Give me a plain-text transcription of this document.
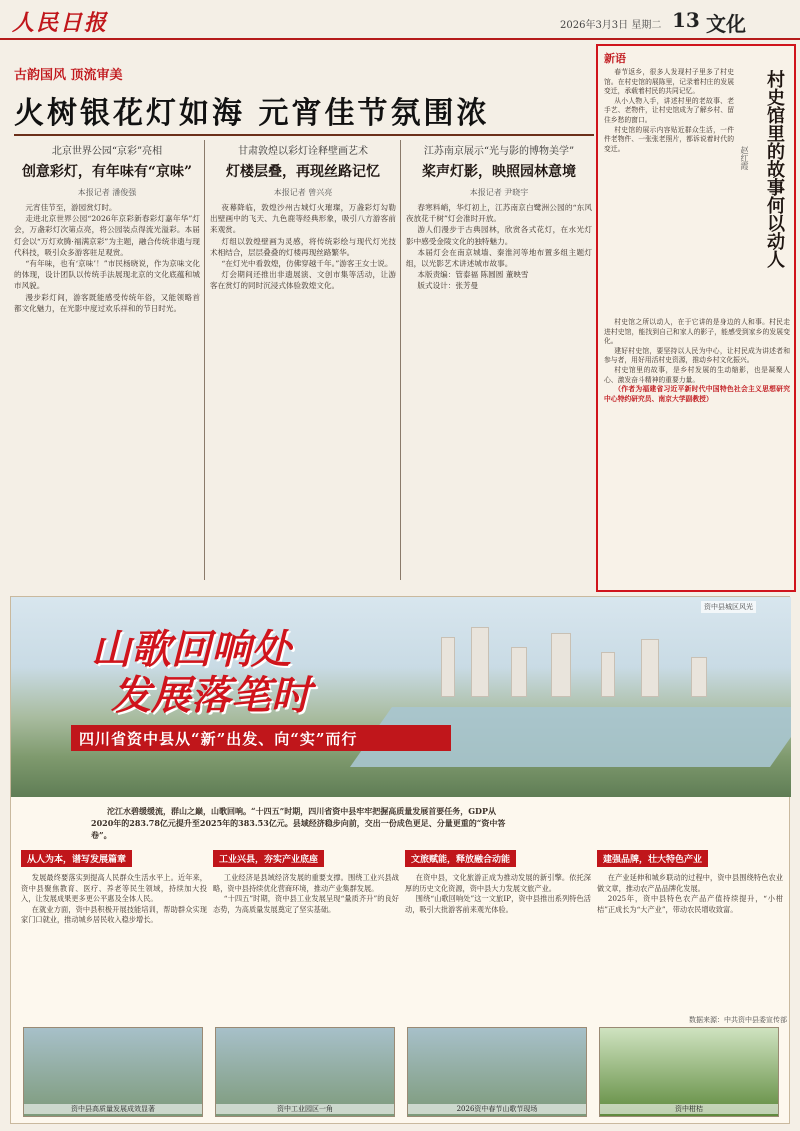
人民日报	2026年3月3日 星期二 13 文化
古韵国风 顶流审美
火树银花灯如海 元宵佳节氛围浓
北京世界公园“京彩”亮相
创意彩灯，有年味有“京味”
本报记者 潘俊强

元宵佳节至，游园赏灯时。

走进北京世界公园“2026年京彩新春彩灯嘉年华”灯会，万盏彩灯次第点亮，将公园装点得流光溢彩。本届灯会以“万灯欢腾·福满京彩”为主题，融合传统非遗与现代科技，吸引众多游客驻足观赏。

“有年味，也有‘京味’！”市民杨晓说，作为京味文化的体现，设计团队以传统手法展现北京的文化底蕴和城市风貌。

漫步彩灯间，游客既能感受传统年俗，又能领略首都文化魅力，在光影中度过欢乐祥和的节日时光。

甘肃敦煌以彩灯诠释壁画艺术
灯楼层叠，再现丝路记忆
本报记者 曾兴亮

夜幕降临，敦煌沙州古城灯火璀璨，万盏彩灯勾勒出壁画中的飞天、九色鹿等经典形象，吸引八方游客前来观赏。

灯组以敦煌壁画为灵感，将传统彩绘与现代灯光技术相结合，层层叠叠的灯楼再现丝路繁华。

“在灯光中看敦煌，仿佛穿越千年。”游客王女士说。

灯会期间还推出非遗展演、文创市集等活动，让游客在赏灯的同时沉浸式体验敦煌文化。

江苏南京展示“光与影的博物美学”
桨声灯影，映照园林意境
本报记者 尹晓宇

春寒料峭，华灯初上，江苏南京白鹭洲公园的“东风夜放花千树”灯会准时开放。

游人们漫步于古典园林，欣赏各式花灯，在水光灯影中感受金陵文化的独特魅力。

本届灯会在南京城墙、秦淮河等地布置多组主题灯组，以光影艺术讲述城市故事。

本版责编：管泰福 陈圆圆 董映雪

版式设计：张芳曼

新语
村史馆里的故事何以动人
赵红霞

春节返乡，很多人发现村子里多了村史馆。在村史馆的展陈里，记录着村庄的发展变迁，承载着村民的共同记忆。

从小人物入手，讲述村里的老故事、老手艺、老物件，让村史馆成为了解乡村、留住乡愁的窗口。

村史馆的展示内容贴近群众生活，一件件老物件、一张张老照片，都诉说着时代的变迁。

村史馆之所以动人，在于它讲的是身边的人和事。村民走进村史馆，能找到自己和家人的影子，能感受到家乡的发展变化。

建好村史馆，要坚持以人民为中心，让村民成为讲述者和参与者，用好用活村史资源，推动乡村文化振兴。

村史馆里的故事，是乡村发展的生动缩影，也是凝聚人心、激发奋斗精神的重要力量。

（作者为福建省习近平新时代中国特色社会主义思想研究中心特约研究员、南京大学副教授）

山歌回响处
发展落笔时
四川省资中县从“新”出发、向“实”而行
资中县城区风光
沱江水碧缓缓流，群山之巅，山歌回响。“十四五”时期，四川省资中县牢牢把握高质量发展首要任务，GDP从2020年的283.78亿元提升至2025年的383.53亿元。县域经济稳步向前，交出一份成色更足、分量更重的“资中答卷”。
从人为本，谱写发展篇章

发展最终要落实到提高人民群众生活水平上。近年来，资中县聚焦教育、医疗、养老等民生领域，持续加大投入，让发展成果更多更公平惠及全体人民。

在就业方面，资中县积极开展技能培训，帮助群众实现家门口就业，推动城乡居民收入稳步增长。

工业兴县，夯实产业底座

工业经济是县域经济发展的重要支撑。围绕工业兴县战略，资中县持续优化营商环境，推动产业集群发展。

“十四五”时期，资中县工业发展呈现“量质齐升”的良好态势，为高质量发展奠定了坚实基础。

文旅赋能，释放融合动能

在资中县，文化旅游正成为推动发展的新引擎。依托深厚的历史文化资源，资中县大力发展文旅产业。

围绕“山歌回响处”这一文旅IP，资中县推出系列特色活动，吸引大批游客前来观光体验。

建强品牌，壮大特色产业

在产业延伸和城乡联动的过程中，资中县围绕特色农业做文章，推动农产品品牌化发展。

2025年，资中县特色农产品产值持续提升，“小柑桔”正成长为“大产业”，带动农民增收致富。

数据来源：中共资中县委宣传部
资中县高质量发展成效显著	资中工业园区一角	2026资中春节山歌节现场	资中柑桔
